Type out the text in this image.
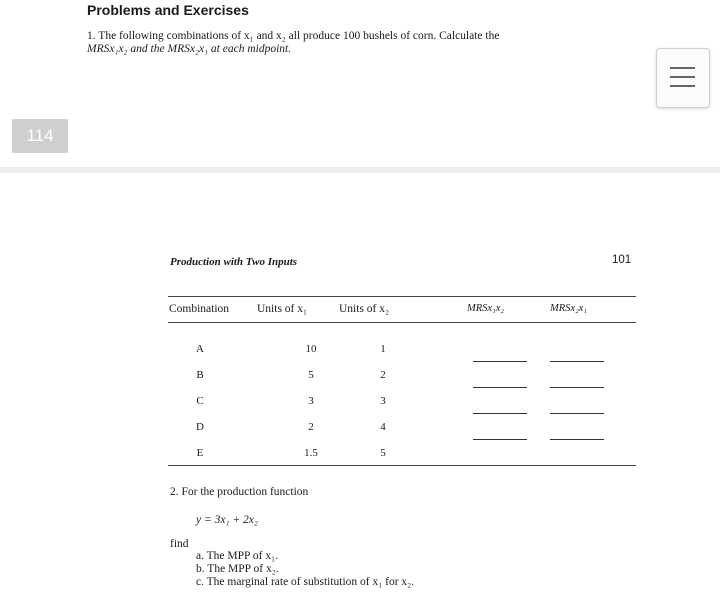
Problems and Exercises
1. The following combinations of x₁ and x₂ all produce 100 bushels of corn. Calculate the
MRSx₁x₂ and the MRSx₂x₁ at each midpoint.
114
Production with Two Inputs	101
Combination Units of x₁	Units of x₂	MRSx₁x₂	MRSx₂x₁
A	10	1
B	5	2
C	3	3
D	2	4
E	1.5	5
2. For the production function
y = 3x₁ + 2x₂
find
a. The MPP of x₁.
b. The MPP of x₂.
c. The marginal rate of substitution of x₁ for x₂.
